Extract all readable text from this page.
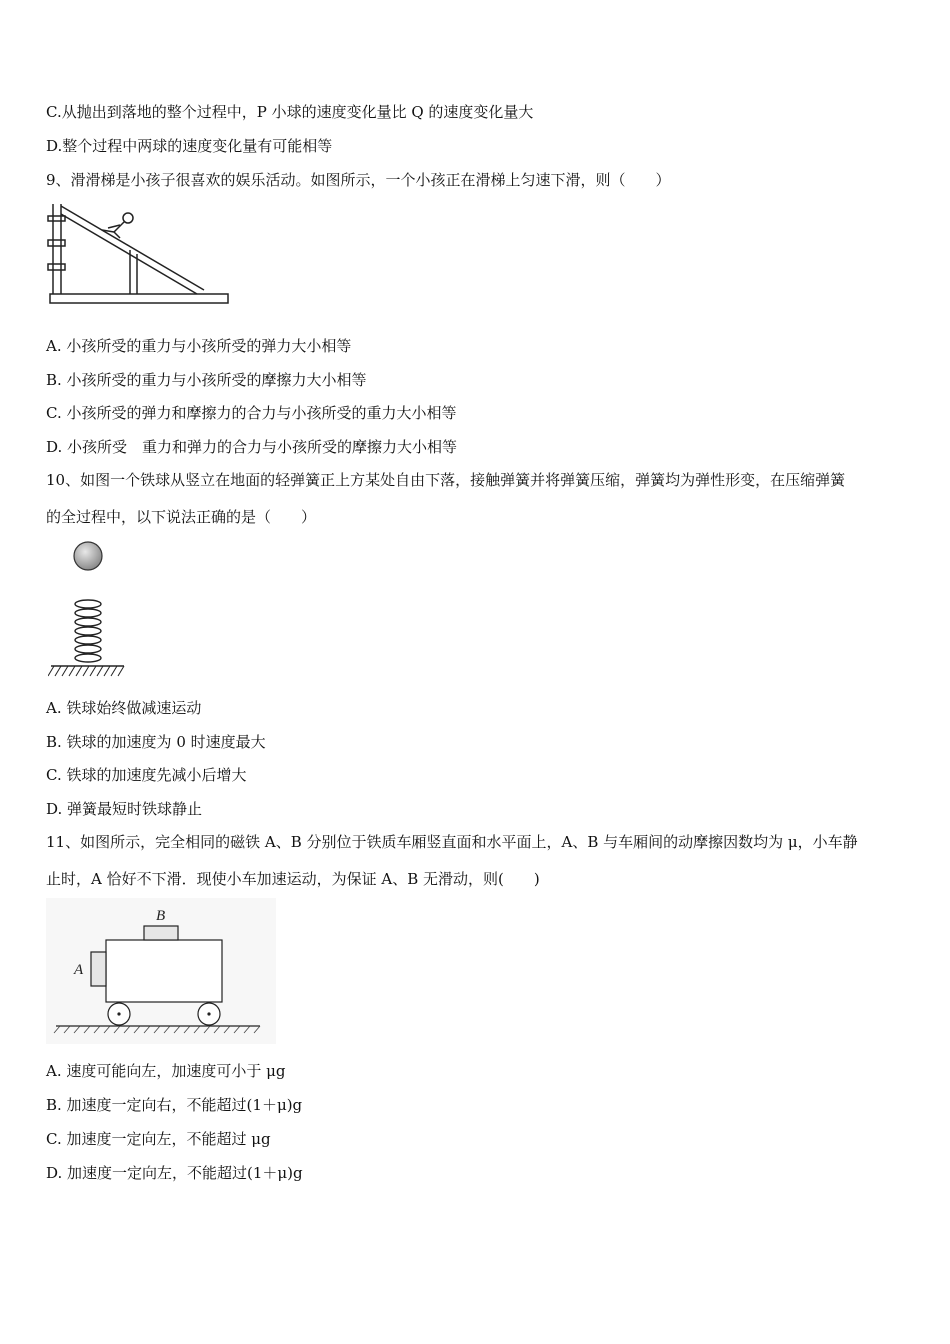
C.从抛出到落地的整个过程中，P 小球的速度变化量比 Q 的速度变化量大
D.整个过程中两球的速度变化量有可能相等
9、滑滑梯是小孩子很喜欢的娱乐活动。如图所示，一个小孩正在滑梯上匀速下滑，则（　　）
A. 小孩所受的重力与小孩所受的弹力大小相等
B. 小孩所受的重力与小孩所受的摩擦力大小相等
C. 小孩所受的弹力和摩擦力的合力与小孩所受的重力大小相等
D. 小孩所受　重力和弹力的合力与小孩所受的摩擦力大小相等
10、如图一个铁球从竖立在地面的轻弹簧正上方某处自由下落，接触弹簧并将弹簧压缩，弹簧均为弹性形变，在压缩弹簧
的全过程中，以下说法正确的是（　　）
A. 铁球始终做减速运动
B. 铁球的加速度为 0 时速度最大
C. 铁球的加速度先减小后增大
D. 弹簧最短时铁球静止
11、如图所示，完全相同的磁铁 A、B 分别位于铁质车厢竖直面和水平面上，A、B 与车厢间的动摩擦因数均为 μ，小车静
止时，A 恰好不下滑．现使小车加速运动，为保证 A、B 无滑动，则(　　)
B
A
A. 速度可能向左，加速度可小于 μg
B. 加速度一定向右，不能超过(1＋μ)g
C. 加速度一定向左，不能超过 μg
D. 加速度一定向左，不能超过(1＋μ)g
